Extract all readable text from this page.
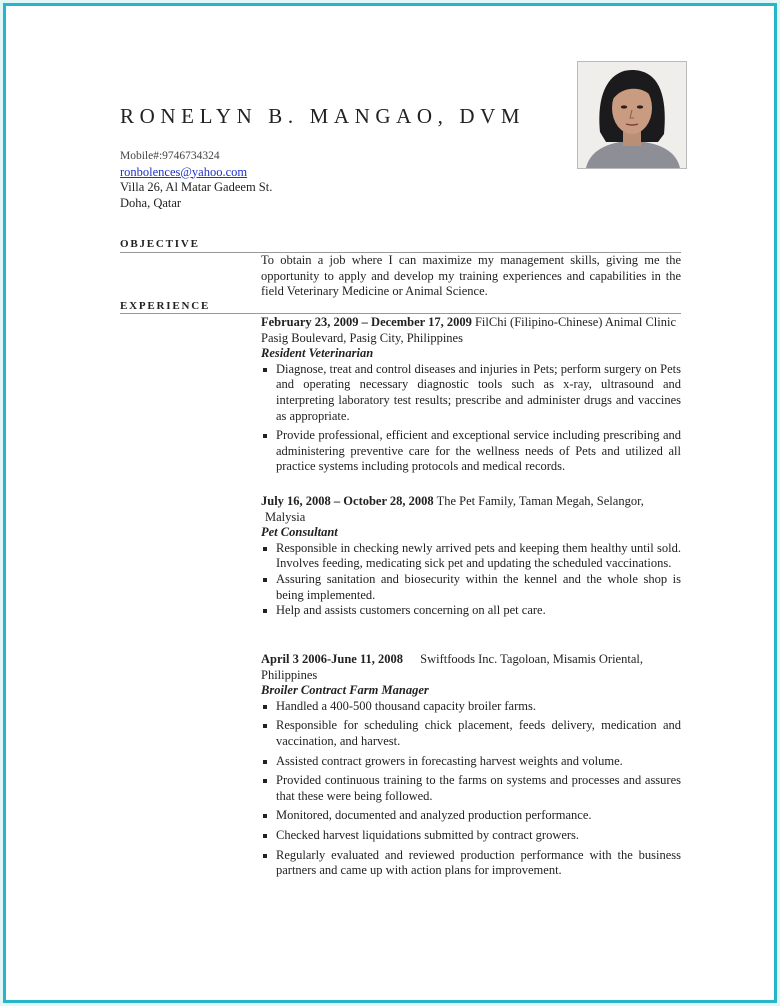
RONELYN B. MANGAO, DVM
Mobile#:9746734324
ronbolences@yahoo.com
Villa 26, Al Matar Gadeem St.
Doha, Qatar
OBJECTIVE
To obtain a job where I can maximize my management skills, giving me the opportunity to apply and develop my training experiences and capabilities in the field Veterinary Medicine or Animal Science.
EXPERIENCE
February 23, 2009 – December 17, 2009 FilChi (Filipino-Chinese) Animal Clinic Pasig Boulevard, Pasig City, Philippines
Resident Veterinarian
Diagnose, treat and control diseases and injuries in Pets; perform surgery on Pets and operating necessary diagnostic tools such as x-ray, ultrasound and interpreting laboratory test results; prescribe and administer drugs and vaccines as appropriate.
Provide professional, efficient and exceptional service including prescribing and administering preventive care for the wellness needs of Pets and utilized all practice systems including protocols and medical records.
July 16, 2008 – October 28, 2008 The Pet Family, Taman Megah, Selangor,
Malysia
Pet Consultant
Responsible in checking newly arrived pets and keeping them healthy until sold. Involves feeding, medicating sick pet and updating the scheduled vaccinations.
Assuring sanitation and biosecurity within the kennel and the whole shop is being implemented.
Help and assists customers concerning on all pet care.
April 3 2006-June 11, 2008 Swiftfoods Inc. Tagoloan, Misamis Oriental, Philippines
Broiler Contract Farm Manager
Handled a 400-500 thousand capacity broiler farms.
Responsible for scheduling chick placement, feeds delivery, medication and vaccination, and harvest.
Assisted contract growers in forecasting harvest weights and volume.
Provided continuous training to the farms on systems and processes and assures that these were being followed.
Monitored, documented and analyzed production performance.
Checked harvest liquidations submitted by contract growers.
Regularly evaluated and reviewed production performance with the business partners and came up with action plans for improvement.
